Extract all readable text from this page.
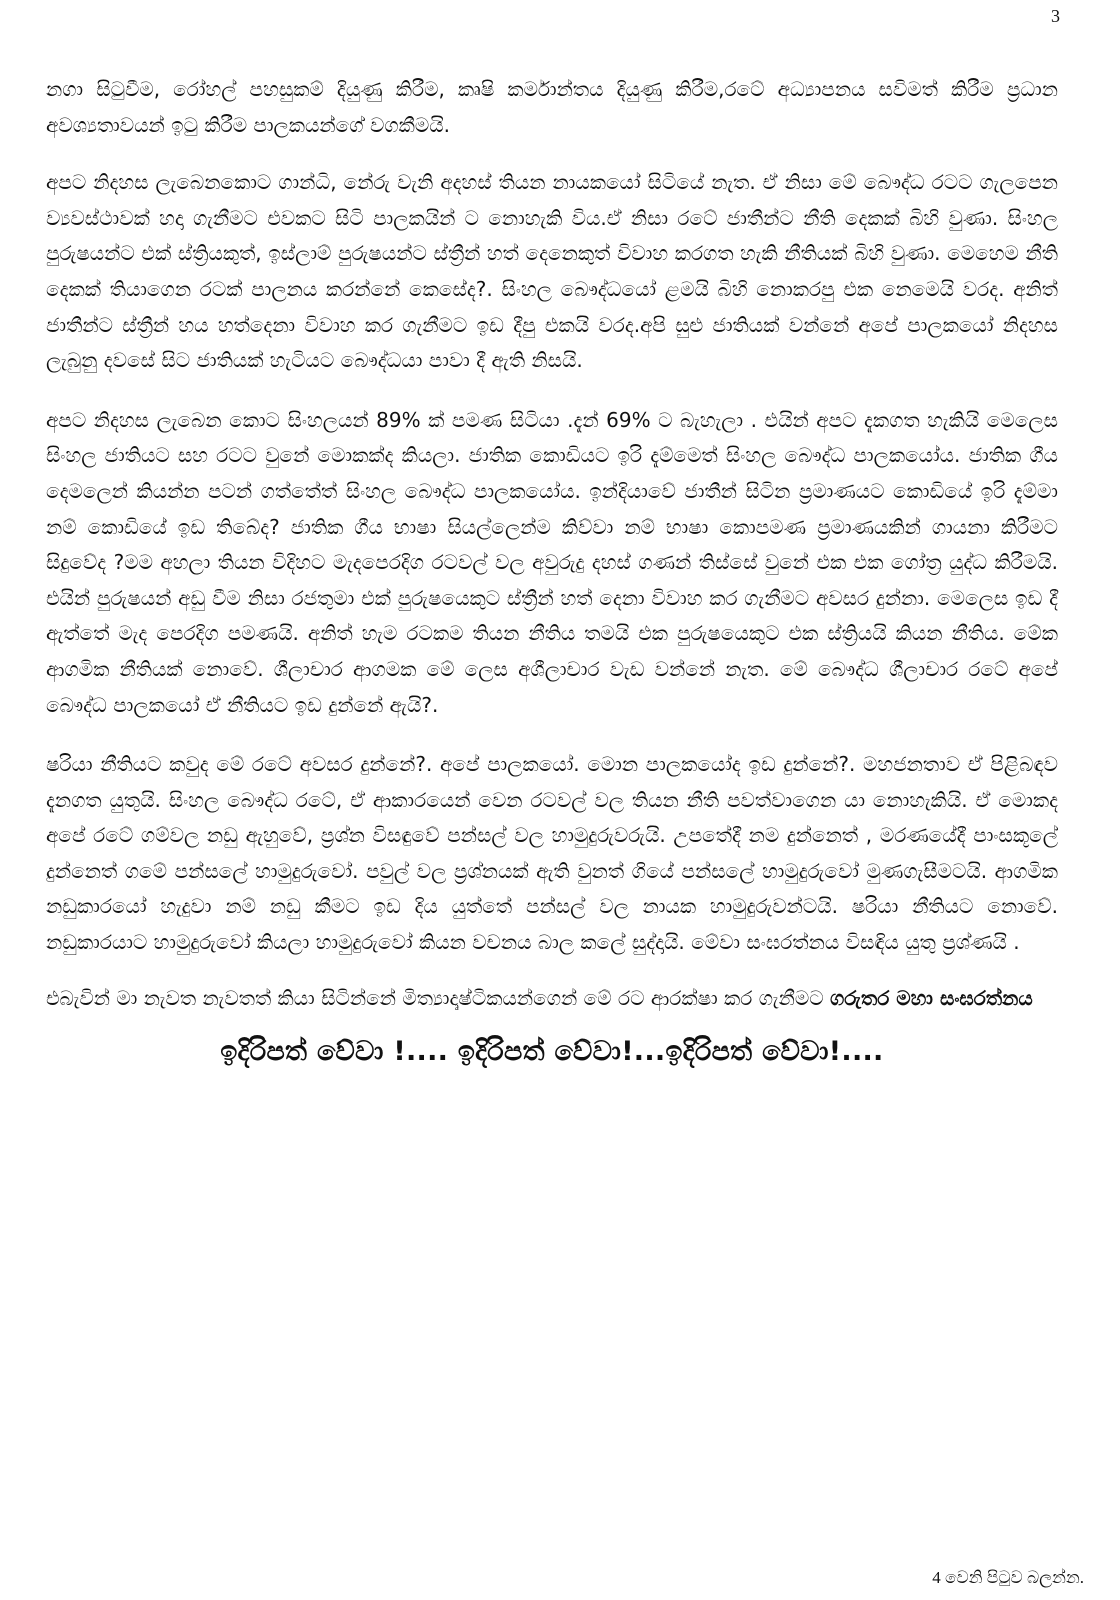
3

නගා සිටුවීම, රෝහල් පහසුකම් දියුණු කිරීම, කෘෂි කර්මාන්තය දියුණු කිරීම,රටේ අධ්‍යාපනය සවිමත් කිරීම ප්‍රධාන අවශ්‍යතාවයන් ඉටු කිරීම පාලකයන්ගේ වගකීමයි.

අපට නිදහස ලැබෙනකොට ගාන්ධි, නේරු වැනි අදහස් තියන නායකයෝ සිටියේ නැත. ඒ නිසා මේ බෞද්ධ රටට ගැලපෙන ව්‍යවස්ථාවක් හදා ගැනීමට එවකට සිටි පාලකයින් ට නොහැකි විය.ඒ නිසා රටේ ජාතීන්ට නීති දෙකක් බිහි වුණා. සිංහල පුරුෂයන්ට එක් ස්ත්‍රියකුත්, ඉස්ලාම් පුරුෂයන්ට ස්ත්‍රීන් හත් දෙනෙකුත් විවාහ කරගත හැකි නීතියක් බිහි වුණා. මෙහෙම නීති දෙකක් තියාගෙන රටක් පාලනය කරන්නේ කෙසේද?. සිංහල බෞද්ධයෝ ළමයි බිහි නොකරපු එක නෙමෙයි වරද. අනිත් ජාතීන්ට ස්ත්‍රීන් හය හත්දෙනා විවාහ කර ගැනීමට ඉඩ දීපු එකයි වරද.අපි සුළු ජාතියක් වන්නේ අපේ පාලකයෝ නිදහස ලැබුනු දවසේ සිට ජාතියක් හැටියට බෞද්ධයා පාවා දී ඇති නිසයි.

අපට නිදහස ලැබෙන කොට සිංහලයන් 89% ක් පමණ සිටියා .දැන් 69% ට බැහැලා . එයින් අපට දැකගත හැකියි මෙලෙස සිංහල ජාතියට සහ රටට වුනේ මොකක්ද කියලා. ජාතික කොඩියට ඉරි දැම්මෙත් සිංහල බෞද්ධ පාලකයෝය. ජාතික ගීය දෙමලෙන් කියන්න පටන් ගත්තේත් සිංහල බෞද්ධ පාලකයෝය. ඉන්දියාවේ ජාතීන් සිටින ප්‍රමාණයට කොඩියේ ඉරි දැම්මා නම් කොඩියේ ඉඩ තිබේද? ජාතික ගීය භාෂා සියල්ලෙන්ම කිව්වා නම් භාෂා කොපමණ ප්‍රමාණයකින් ගායනා කිරීමට සිදුවේද ?මම අහලා තියන විදිහට මැදපෙරදිග රටවල් වල අවුරුදු දහස් ගණන් තිස්සේ වුනේ එක එක ගෝත්‍ර යුද්ධ කිරීමයි. එයින් පුරුෂයන් අඩු වීම නිසා රජතුමා එක් පුරුෂයෙකුට ස්ත්‍රීන් හත් දෙනා විවාහ කර ගැනීමට අවසර දුන්නා. මෙලෙස ඉඩ දී ඇත්තේ මැද පෙරදිග පමණයි. අනිත් හැම රටකම තියන නීතිය තමයි එක පුරුෂයෙකුට එක ස්ත්‍රියයි කියන නීතිය. මේක ආගමික නීතියක් නොවේ. ශීලාචාර ආගමක මේ ලෙස අශීලාචාර වැඩ වන්නේ නැත. මේ බෞද්ධ ශීලාචාර රටේ අපේ බෞද්ධ පාලකයෝ ඒ නීතියට ඉඩ දුන්නේ ඇයි?.

ෂරියා නීතියට කවුද මේ රටේ අවසර දුන්නේ?. අපේ පාලකයෝ. මොන පාලකයෝද ඉඩ දුන්නේ?. මහජනතාව ඒ පිළිබඳව දැනගත යුතුයි. සිංහල බෞද්ධ රටේ, ඒ ආකාරයෙන් වෙන රටවල් වල තියන නීති පවත්වාගෙන යා නොහැකියි. ඒ මොකද අපේ රටේ ගම්වල නඩු ඇහුවේ, ප්‍රශ්න විසඳුවේ පන්සල් වල හාමුදුරුවරුයි. උපතේදී නම දුන්නෙත් , මරණයේදී පාංසකූලේ දුන්නෙත් ගමේ පන්සලේ හාමුදුරුවෝ. පවුල් වල ප්‍රශ්නයක් ඇති වුනත් ගියේ පන්සලේ හාමුදුරුවෝ මුණගැසීමටයි. ආගමික නඩුකාරයෝ හැදුවා නම් නඩු කීමට ඉඩ දිය යුත්තේ පන්සල් වල නායක හාමුදුරුවන්ටයි. ෂරියා නීතියට නොවේ. නඩුකාරයාට හාමුදුරුවෝ කියලා හාමුදුරුවෝ කියන වචනය බාල කලේ සුද්දායි. මේවා සංඝරත්නය විසඳිය යුතු ප්‍රශ්ණයි .

එබැවින් මා නැවත නැවතත් කියා සිටින්නේ මිත්‍යාදෘෂ්ටිකයන්ගෙන් මේ රට ආරක්ෂා කර ගැනීමට ගරුතර මහා සංඝරත්නය

ඉදිරිපත් වේවා !.... ඉදිරිපත් වේවා!...ඉදිරිපත් වේවා!....

4 වෙනි පිටුව බලන්න.
